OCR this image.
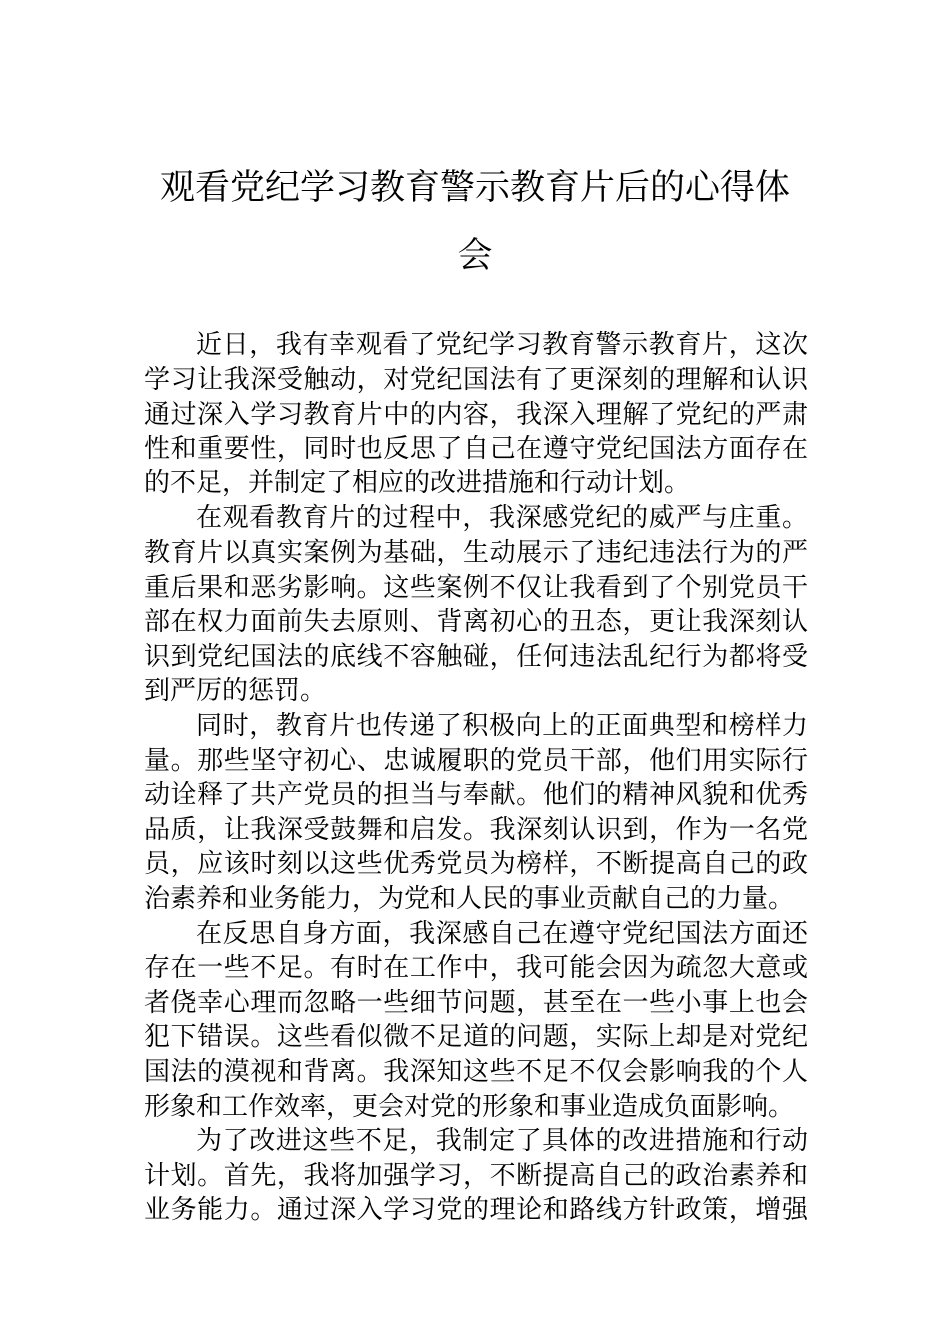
观看党纪学习教育警示教育片后的心得体
会
近日，我有幸观看了党纪学习教育警示教育片，这次
学习让我深受触动，对党纪国法有了更深刻的理解和认识
通过深入学习教育片中的内容，我深入理解了党纪的严肃
性和重要性，同时也反思了自己在遵守党纪国法方面存在
的不足，并制定了相应的改进措施和行动计划。
在观看教育片的过程中，我深感党纪的威严与庄重。
教育片以真实案例为基础，生动展示了违纪违法行为的严
重后果和恶劣影响。这些案例不仅让我看到了个别党员干
部在权力面前失去原则、背离初心的丑态，更让我深刻认
识到党纪国法的底线不容触碰，任何违法乱纪行为都将受
到严厉的惩罚。
同时，教育片也传递了积极向上的正面典型和榜样力
量。那些坚守初心、忠诚履职的党员干部，他们用实际行
动诠释了共产党员的担当与奉献。他们的精神风貌和优秀
品质，让我深受鼓舞和启发。我深刻认识到，作为一名党
员，应该时刻以这些优秀党员为榜样，不断提高自己的政
治素养和业务能力，为党和人民的事业贡献自己的力量。
在反思自身方面，我深感自己在遵守党纪国法方面还
存在一些不足。有时在工作中，我可能会因为疏忽大意或
者侥幸心理而忽略一些细节问题，甚至在一些小事上也会
犯下错误。这些看似微不足道的问题，实际上却是对党纪
国法的漠视和背离。我深知这些不足不仅会影响我的个人
形象和工作效率，更会对党的形象和事业造成负面影响。
为了改进这些不足，我制定了具体的改进措施和行动
计划。首先，我将加强学习，不断提高自己的政治素养和
业务能力。通过深入学习党的理论和路线方针政策，增强
